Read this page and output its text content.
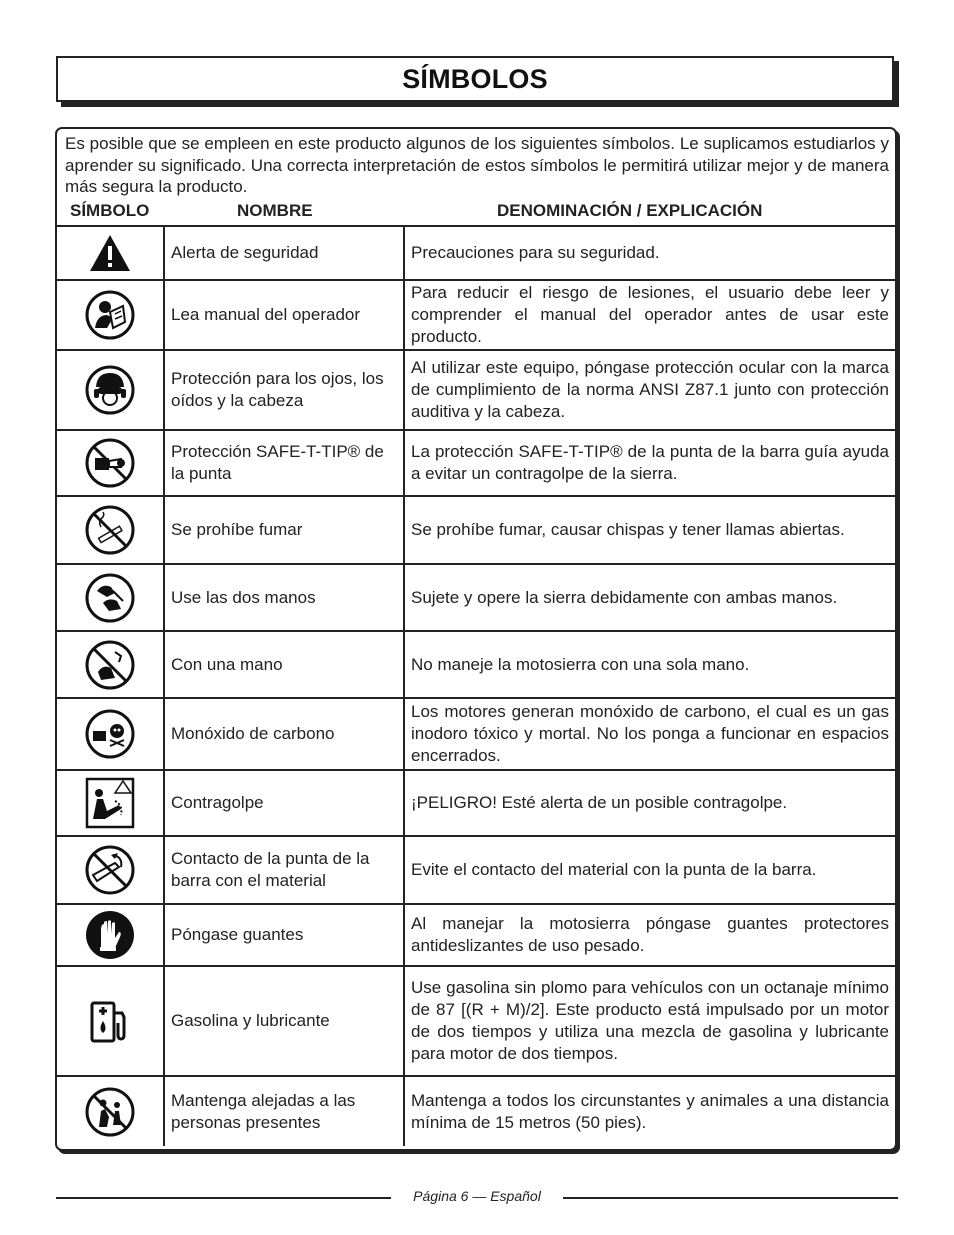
SÍMBOLOS
Es posible que se empleen en este producto algunos de los siguientes símbolos. Le suplicamos estudiarlos y aprender su significado. Una correcta interpretación de estos símbolos le permitirá utilizar mejor y de manera más segura la producto.
SÍMBOLO	NOMBRE	DENOMINACIÓN / EXPLICACIÓN
	Alerta de seguridad	Precauciones para su seguridad.

	Lea manual del operador	Para reducir el riesgo de lesiones, el usuario debe leer y comprender el manual del operador antes de usar este producto.

	Protección para los ojos, los oídos y la cabeza	Al utilizar este equipo, póngase protección ocular con la marca de cumplimiento de la norma ANSI Z87.1 junto con protección auditiva y la cabeza.

	Protección SAFE-T-TIP® de la punta	La protección SAFE-T-TIP® de la punta de la barra guía ayuda a evitar un contragolpe de la sierra.

	Se prohíbe fumar	Se prohíbe fumar, causar chispas y tener llamas abiertas.

	Use las dos manos	Sujete y opere la sierra debidamente con ambas manos.

	Con una mano	No maneje la motosierra con una sola mano.

	Monóxido de carbono	Los motores generan monóxido de carbono, el cual es un gas inodoro tóxico y mortal. No los ponga a funcionar en espacios encerrados.

	Contragolpe	¡PELIGRO! Esté alerta de un posible contragolpe.

	Contacto de la punta de la barra con el material	Evite el contacto del material con la punta de la barra.

	Póngase guantes	Al manejar la motosierra póngase guantes protectores antideslizantes de uso pesado.

	Gasolina y lubricante	Use gasolina sin plomo para vehículos con un octanaje mínimo de 87 [(R + M)/2]. Este producto está impulsado por un motor de dos tiempos y utiliza una mezcla de gasolina y lubricante para motor de dos tiempos.

	Mantenga alejadas a las personas presentes	Mantenga a todos los circunstantes y animales a una distancia mínima de 15 metros (50 pies).
Página 6 — Español
